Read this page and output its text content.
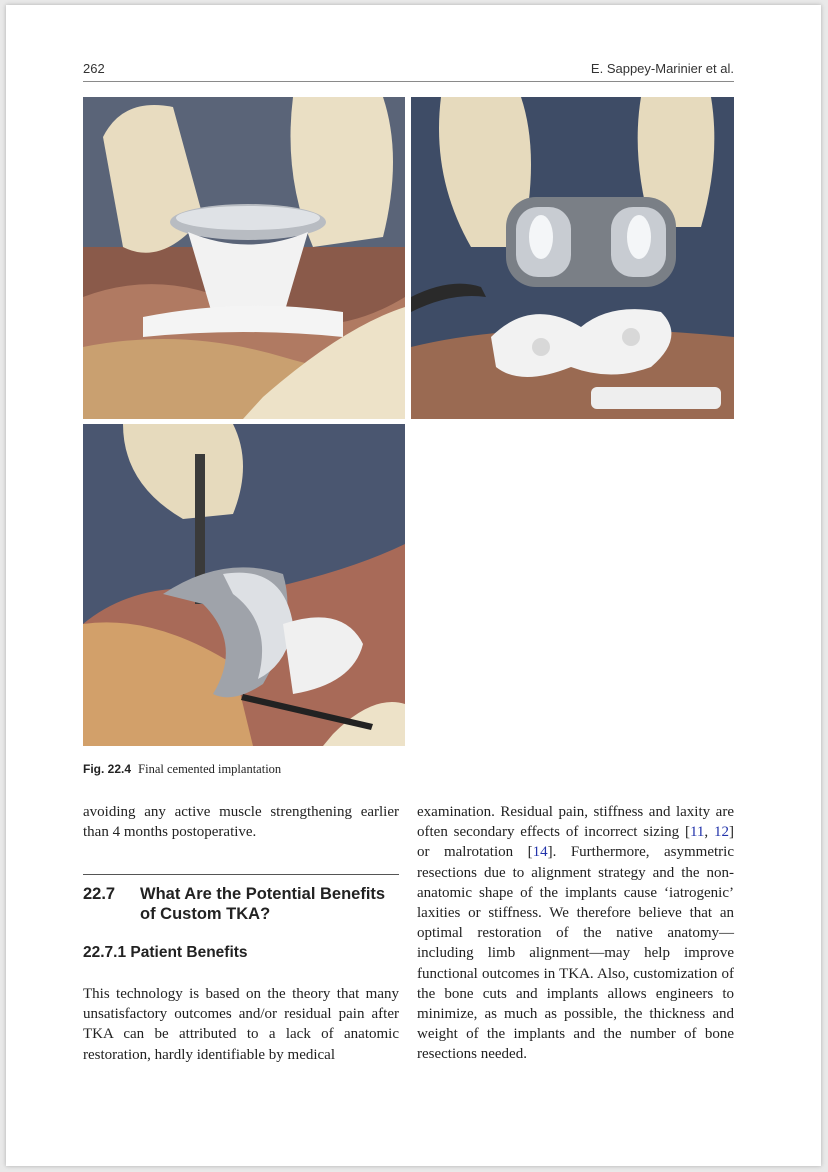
262	E. Sappey-Marinier et al.
Fig. 22.4 Final cemented implantation

avoiding any active muscle strengthening earlier than 4 months postoperative.

22.7 What Are the Potential Benefits of Custom TKA?
22.7.1 Patient Benefits
This technology is based on the theory that many unsatisfactory outcomes and/or residual pain after TKA can be attributed to a lack of anatomic restoration, hardly identifiable by medical

examination. Residual pain, stiffness and laxity are often secondary effects of incorrect sizing [11, 12] or malrotation [14]. Furthermore, asymmetric resections due to alignment strategy and the non-anatomic shape of the implants cause ‘iatrogenic’ laxities or stiffness. We therefore believe that an optimal restoration of the native anatomy—including limb alignment—may help improve functional outcomes in TKA. Also, customization of the bone cuts and implants allows engineers to minimize, as much as possible, the thickness and weight of the implants and the number of bone resections needed.
